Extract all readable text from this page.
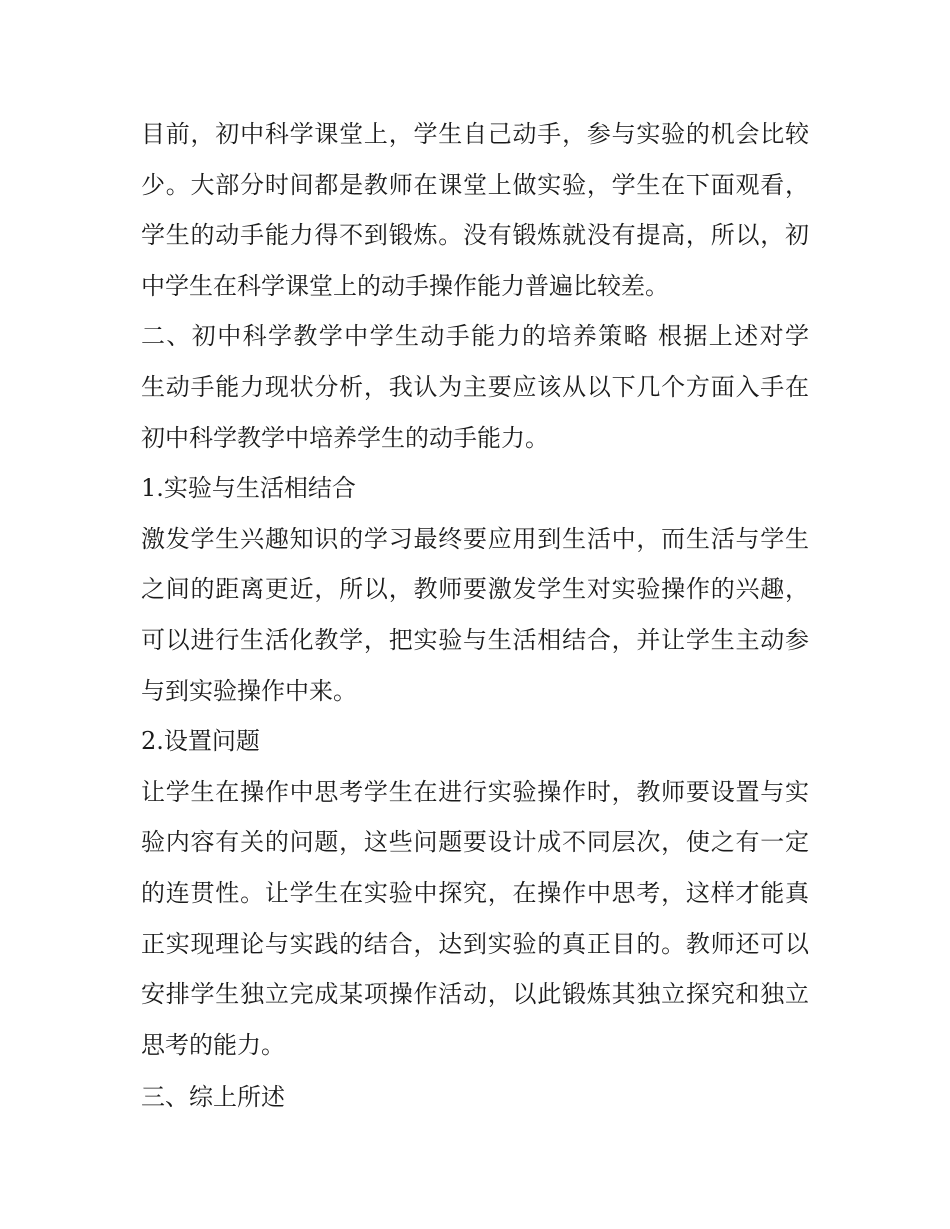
目前，初中科学课堂上，学生自己动手，参与实验的机会比较
少。大部分时间都是教师在课堂上做实验，学生在下面观看，
学生的动手能力得不到锻炼。没有锻炼就没有提高，所以，初
中学生在科学课堂上的动手操作能力普遍比较差。
二、初中科学教学中学生动手能力的培养策略 根据上述对学
生动手能力现状分析，我认为主要应该从以下几个方面入手在
初中科学教学中培养学生的动手能力。
1.实验与生活相结合
激发学生兴趣知识的学习最终要应用到生活中，而生活与学生
之间的距离更近，所以，教师要激发学生对实验操作的兴趣，
可以进行生活化教学，把实验与生活相结合，并让学生主动参
与到实验操作中来。
2.设置问题
让学生在操作中思考学生在进行实验操作时，教师要设置与实
验内容有关的问题，这些问题要设计成不同层次，使之有一定
的连贯性。让学生在实验中探究，在操作中思考，这样才能真
正实现理论与实践的结合，达到实验的真正目的。教师还可以
安排学生独立完成某项操作活动，以此锻炼其独立探究和独立
思考的能力。
三、综上所述
